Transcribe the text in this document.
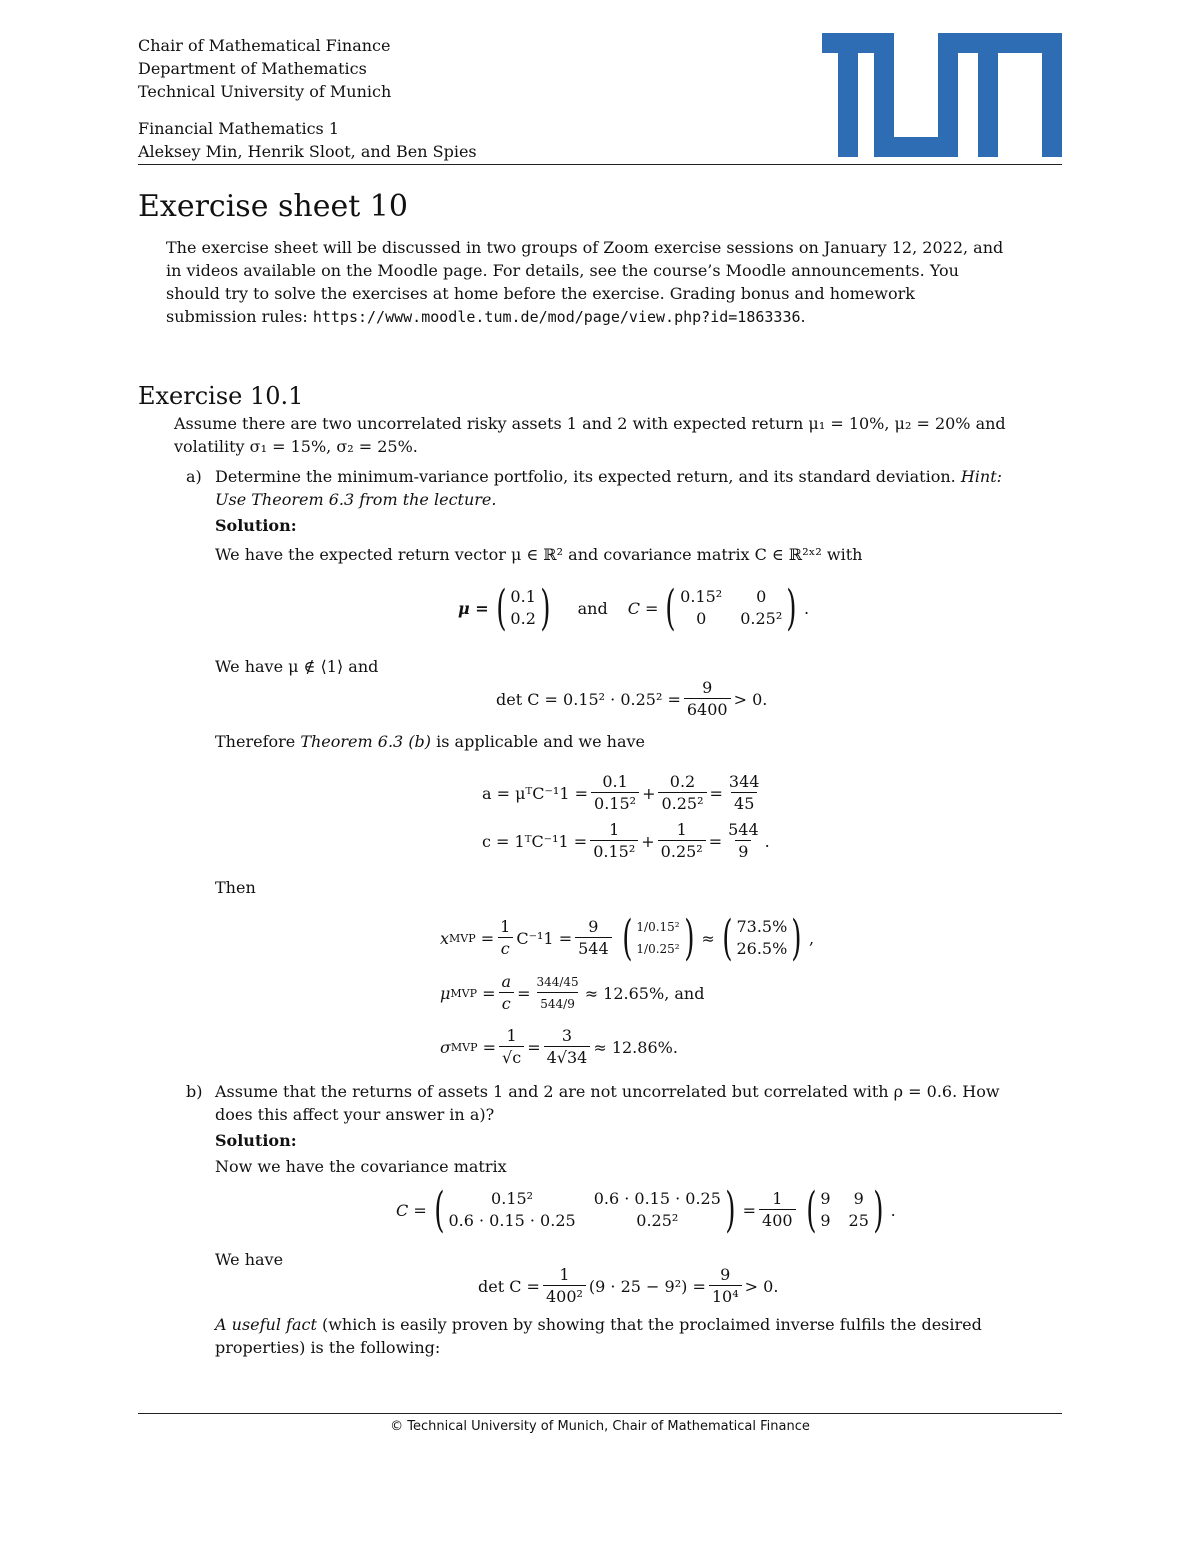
Chair of Mathematical Finance
Department of Mathematics
Technical University of Munich
Financial Mathematics 1
Aleksey Min, Henrik Sloot, and Ben Spies
Exercise sheet 10
The exercise sheet will be discussed in two groups of Zoom exercise sessions on January 12, 2022, and
in videos available on the Moodle page. For details, see the course’s Moodle announcements. You
should try to solve the exercises at home before the exercise. Grading bonus and homework
submission rules: https://www.moodle.tum.de/mod/page/view.php?id=1863336.
Exercise 10.1
Assume there are two uncorrelated risky assets 1 and 2 with expected return μ₁ = 10%, μ₂ = 20% and
volatility σ₁ = 15%, σ₂ = 25%.
a) Determine the minimum-variance portfolio, its expected return, and its standard deviation. Hint:
Use Theorem 6.3 from the lecture.
Solution:
We have the expected return vector μ ∈ ℝ² and covariance matrix C ∈ ℝ²ˣ² with
μ = ( 0.1
0.2 ) and C = ( 0.15²	0
0	0.25² ) .
We have μ ∉ ⟨1⟩ and
$\det C = 0.15^2 \cdot 0.25^2 = \frac{9}{6400} > 0$.
Therefore Theorem 6.3 (b) is applicable and we have
a = μᵀC⁻¹1 = $\frac{0.1}{\text{0.15²}} + \frac{0.2}{\text{0.25²}} = \frac{344}{45}$
c = 1ᵀC⁻¹1 = $\frac{1}{\text{0.15²}} + \frac{1}{\text{0.25²}} = \frac{544}{9}$ .
Then
x MVP = $\frac{1}{c} C^{-1}1 = \frac{9}{544}$ ( 1/0.15²
1/0.25² ) ≈ ( 73.5%
26.5% ) ,
μ MVP = $\frac{a}{c} = \frac{344/45}{544/9} \approx 12.65\%$ , and
σ MVP = $\frac{1}{√c} = \frac{3}{4√34} \approx 12.86\%$.
b) Assume that the returns of assets 1 and 2 are not uncorrelated but correlated with ρ = 0.6. How
does this affect your answer in a)?
Solution:
Now we have the covariance matrix
C = (	0.15²	0.6 · 0.15 · 0.25
0.6 · 0.15 · 0.25	0.25² ) = $\frac{1}{400}$ ( 9	9
9 25 ) .
We have
$\det C = \frac{1}{\text{400²}} (9 \cdot 25 - 9^2) = \frac{9}{\text{10⁴}} > 0$.
A useful fact (which is easily proven by showing that the proclaimed inverse fulfils the desired
properties) is the following:
© Technical University of Munich, Chair of Mathematical Finance
